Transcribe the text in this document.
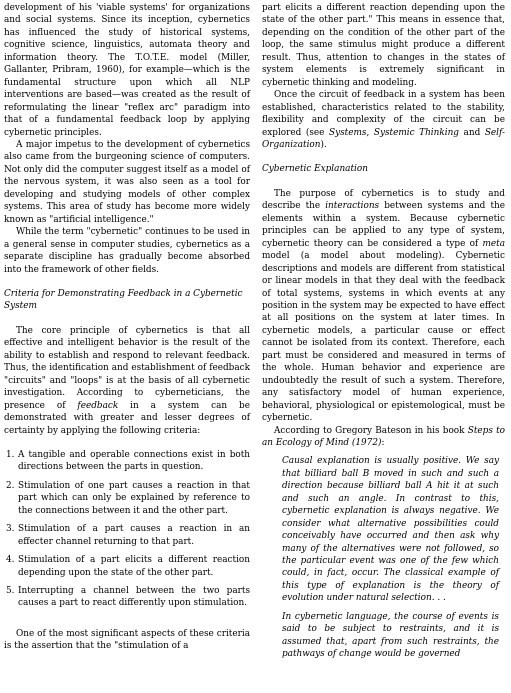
development of his 'viable systems' for organizations and social systems. Since its inception, cybernetics has influenced the study of historical systems, cognitive science, linguistics, automata theory and information theory. The T.O.T.E. model (Miller, Gallanter, Pribram, 1960), for example—which is the fundamental structure upon which all NLP interventions are based—was created as the result of reformulating the linear "reflex arc" paradigm into that of a fundamental feedback loop by applying cybernetic principles.

A major impetus to the development of cybernetics also came from the burgeoning science of computers. Not only did the computer suggest itself as a model of the nervous system, it was also seen as a tool for developing and studying models of other complex systems. This area of study has become more widely known as "artificial intelligence."

While the term "cybernetic" continues to be used in a general sense in computer studies, cybernetics as a separate discipline has gradually become absorbed into the framework of other fields.

Criteria for Demonstrating Feedback in a Cybernetic System

The core principle of cybernetics is that all effective and intelligent behavior is the result of the ability to establish and respond to relevant feedback. Thus, the identification and establishment of feedback "circuits" and "loops" is at the basis of all cybernetic investigation. According to cyberneticians, the presence of feedback in a system can be demonstrated with greater and lesser degrees of certainty by applying the following criteria:

1. A tangible and operable connections exist in both directions between the parts in question.
2. Stimulation of one part causes a reaction in that part which can only be explained by reference to the connections between it and the other part.
3. Stimulation of a part causes a reaction in an effecter channel returning to that part.
4. Stimulation of a part elicits a different reaction depending upon the state of the other part.
5. Interrupting a channel between the two parts causes a part to react differently upon stimulation.

One of the most significant aspects of these criteria is the assertion that the "stimulation of a

part elicits a different reaction depending upon the state of the other part." This means in essence that, depending on the condition of the other part of the loop, the same stimulus might produce a different result. Thus, attention to changes in the states of system elements is extremely significant in cybernetic thinking and modeling.

Once the circuit of feedback in a system has been established, characteristics related to the stability, flexibility and complexity of the circuit can be explored (see Systems, Systemic Thinking and Self-Organization).

Cybernetic Explanation

The purpose of cybernetics is to study and describe the interactions between systems and the elements within a system. Because cybernetic principles can be applied to any type of system, cybernetic theory can be considered a type of meta model (a model about modeling). Cybernetic descriptions and models are different from statistical or linear models in that they deal with the feedback of total systems, systems in which events at any position in the system may be expected to have effect at all positions on the system at later times. In cybernetic models, a particular cause or effect cannot be isolated from its context. Therefore, each part must be considered and measured in terms of the whole. Human behavior and experience are undoubtedly the result of such a system. Therefore, any satisfactory model of human experience, behavioral, physiological or epistemological, must be cybernetic.

According to Gregory Bateson in his book Steps to an Ecology of Mind (1972):

Causal explanation is usually positive. We say that billiard ball B moved in such and such a direction because billiard ball A hit it at such and such an angle. In contrast to this, cybernetic explanation is always negative. We consider what alternative possibilities could conceivably have occurred and then ask why many of the alternatives were not followed, so the particular event was one of the few which could, in fact, occur. The classical example of this type of explanation is the theory of evolution under natural selection. . .

In cybernetic language, the course of events is said to be subject to restraints, and it is assumed that, apart from such restraints, the pathways of change would be governed
